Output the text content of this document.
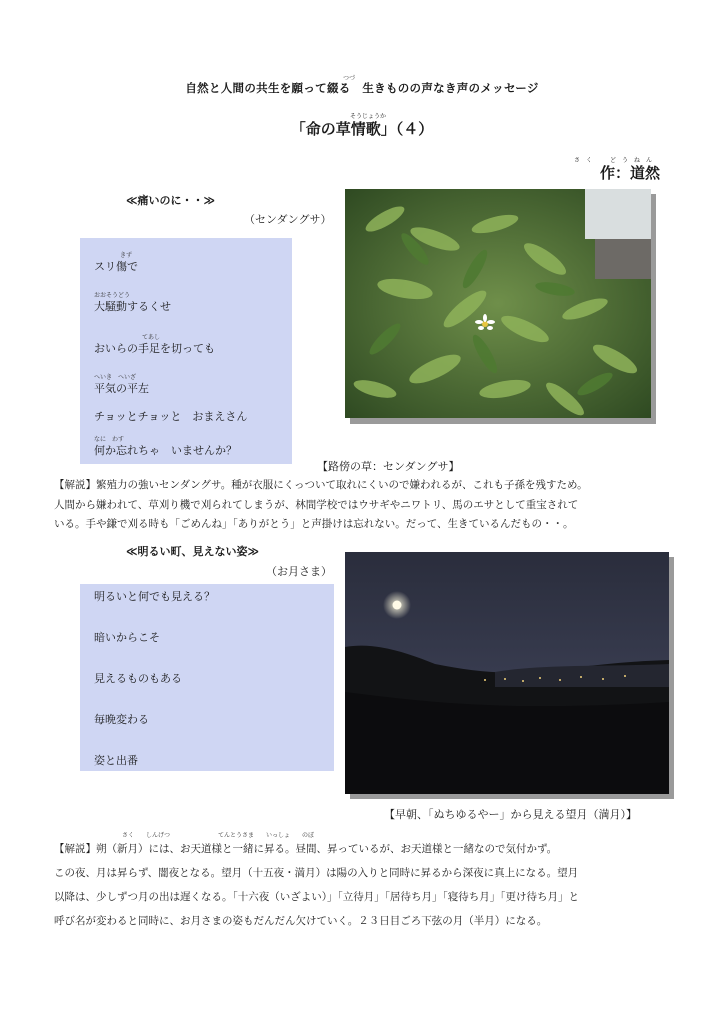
つづ
自然と人間の共生を願って綴る　生きものの声なき声のメッセージ
そうじょうか
「命の草情歌」（４）
さく　どうねん
作：道然
≪痛いのに・・≫
（センダングサ）
きず
スリ傷で
おおそうどう
大騒動するくせ
てあし
おいらの手足を切っても
へいき　へいざ
平気の平左
チョッとチョッと　おまえさん
なに　わす
何か忘れちゃ　いませんか？
【路傍の草：センダングサ】

【解説】繁殖力の強いセンダングサ。種が衣服にくっついて取れにくいので嫌われるが、これも子孫を残すため。

人間から嫌われて、草刈り機で刈られてしまうが、林間学校ではウサギやニワトリ、馬のエサとして重宝されて

いる。手や鎌で刈る時も「ごめんね」「ありがとう」と声掛けは忘れない。だって、生きているんだもの・・。

≪明るい町、見えない姿≫
（お月さま）
明るいと何でも見える？
暗いからこそ
見えるものもある
毎晩変わる
姿と出番
【早朝、「ぬちゆるやー」から見える望月（満月）】
さく　　しんげつ　　　　　　　　てんとうさま　　いっしょ　　のぼ

【解説】朔（新月）には、お天道様と一緒に昇る。昼間、昇っているが、お天道様と一緒なので気付かず。

この夜、月は昇らず、闇夜となる。望月（十五夜・満月）は陽の入りと同時に昇るから深夜に真上になる。望月

以降は、少しずつ月の出は遅くなる。「十六夜（いざよい）」「立待月」「居待ち月」「寝待ち月」「更け待ち月」と

呼び名が変わると同時に、お月さまの姿もだんだん欠けていく。２３日目ごろ下弦の月（半月）になる。
